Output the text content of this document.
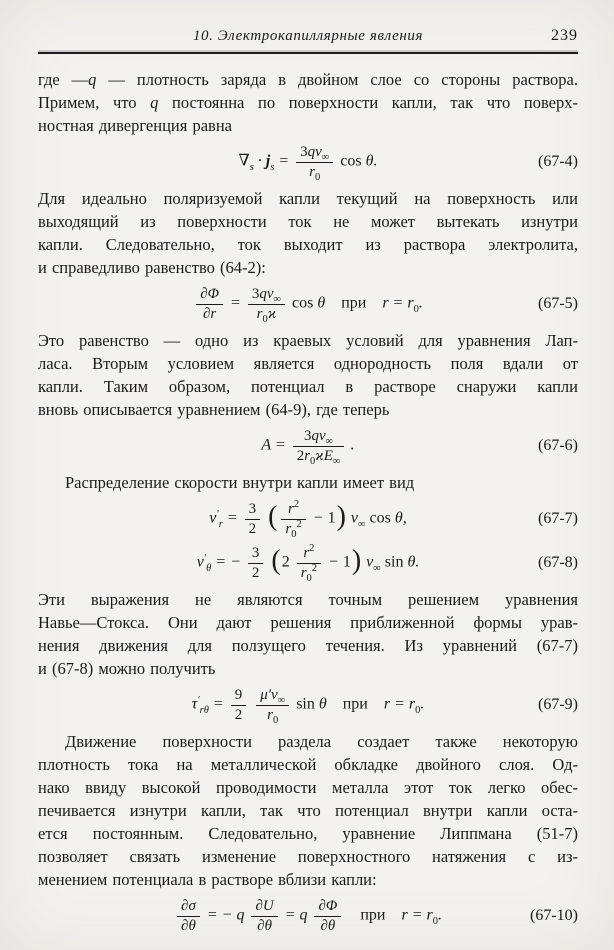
10. Электрокапиллярные явления	239
где —q — плотность заряда в двойном слое со стороны раствора.
Примем, что q постоянна по поверхности капли, так что поверх-
ностная дивергенция равна
$\nabla_s \cdot j_s = \frac{3qv_\infty}{r_0}$ cos θ.	(67-4)
Для идеально поляризуемой капли текущий на поверхность или
выходящий из поверхности ток не может вытекать изнутри
капли. Следовательно, ток выходит из раствора электролита,
и справедливо равенство (64-2):
$\frac{\partial\Phi}{\partial r} = \frac{3qv_\infty}{r_0ϰ}$ cos θ при $r = r_0$.	(67-5)
Это равенство — одно из краевых условий для уравнения Лап-
ласа. Вторым условием является однородность поля вдали от
капли. Таким образом, потенциал в растворе снаружи капли
вновь описывается уравнением (64-9), где теперь
$A = \frac{3qv_\infty}{2r_0ϰE_\infty}$  .	(67-6)
Распределение скорости внутри капли имеет вид
$v'_r = \frac{3}{2}$ ( $\frac{r^2}{r_0^2} - 1$) $v_\infty$ cos θ,	(67-7)
$v'_\theta$ = − $\frac{3}{2} (2 \frac{r^2}{r_0^2} - 1)$ $v_\infty$ sin θ.	(67-8)
Эти выражения не являются точным решением уравнения
Навье—Стокса. Они дают решения приближенной формы урав-
нения движения для ползущего течения. Из уравнений (67-7)
и (67-8) можно получить
$\tau'_{r\theta} = \frac{9}{2}$
$\frac{\mu'v_\infty}{r_0}$ sin θ при $r = r_0$.	(67-9)
Движение поверхности раздела создает также некоторую
плотность тока на металлической обкладке двойного слоя. Од-
нако ввиду высокой проводимости металла этот ток легко обес-
печивается изнутри капли, так что потенциал внутри капли оста-
ется постоянным. Следовательно, уравнение Липпмана (51-7)
позволяет связать изменение поверхностного натяжения с из-
менением потенциала в растворе вблизи капли:
$\frac{\partial\sigma}{\partial\theta}$ = − q $\frac{\partial U}{\partial\theta} = q \frac{\partial\Phi}{\partial\theta}$
  при $r = r_0$.	(67-10)
